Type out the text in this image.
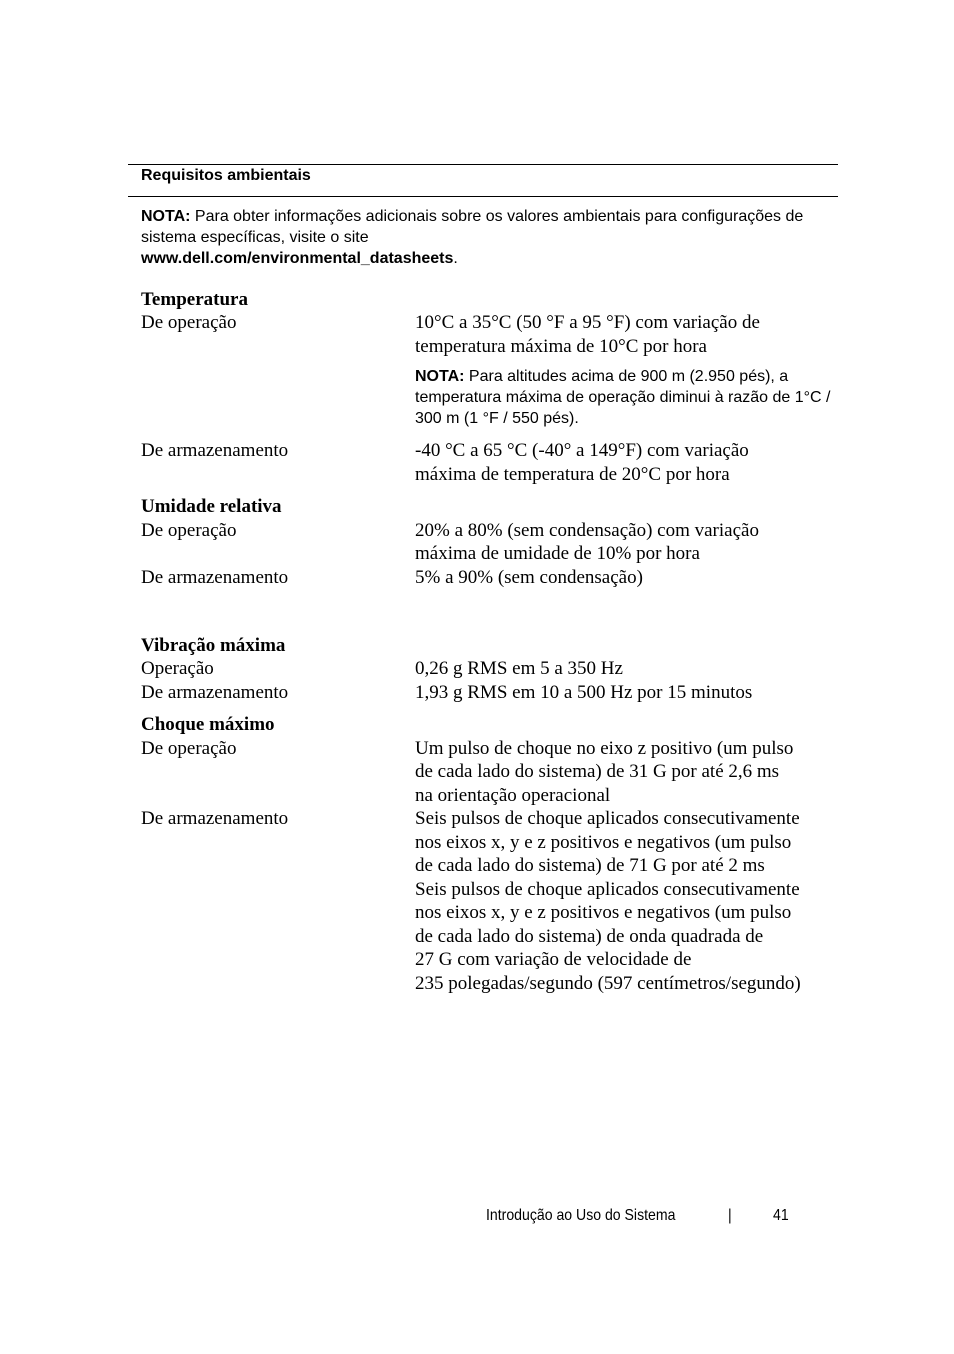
Requisitos ambientais
NOTA: Para obter informações adicionais sobre os valores ambientais para configurações de sistema específicas, visite o site
www.dell.com/environmental_datasheets.
Temperatura
De operação	10°C a 35°C (50 °F a 95 °F) com variação de
temperatura máxima de 10°C por hora
NOTA: Para altitudes acima de 900 m (2.950 pés), a temperatura máxima de operação diminui à razão de 1°C / 300 m (1 °F / 550 pés).
De armazenamento	-40 °C a 65 °C (-40° a 149°F) com variação
máxima de temperatura de 20°C por hora
Umidade relativa
De operação	20% a 80% (sem condensação) com variação
máxima de umidade de 10% por hora
De armazenamento	5% a 90% (sem condensação)
Vibração máxima
Operação	0,26 g RMS em 5 a 350 Hz
De armazenamento	1,93 g RMS em 10 a 500 Hz por 15 minutos
Choque máximo
De operação	Um pulso de choque no eixo z positivo (um pulso
de cada lado do sistema) de 31 G por até 2,6 ms
na orientação operacional
De armazenamento	Seis pulsos de choque aplicados consecutivamente
nos eixos x, y e z positivos e negativos (um pulso
de cada lado do sistema) de 71 G por até 2 ms
Seis pulsos de choque aplicados consecutivamente
nos eixos x, y e z positivos e negativos (um pulso
de cada lado do sistema) de onda quadrada de
27 G com variação de velocidade de
235 polegadas/segundo (597 centímetros/segundo)
Introdução ao Uso do Sistema	|	41
